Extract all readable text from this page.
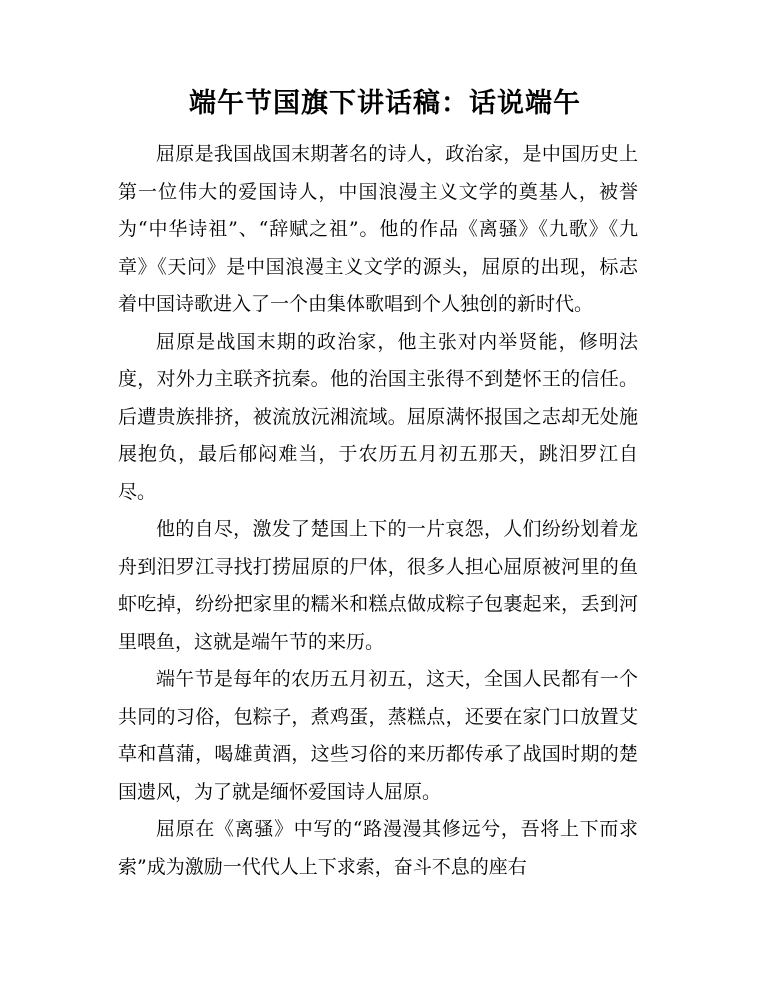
端午节国旗下讲话稿：话说端午

屈原是我国战国末期著名的诗人，政治家，是中国历史上第一位伟大的爱国诗人，中国浪漫主义文学的奠基人，被誉为“中华诗祖”、“辞赋之祖”。他的作品《离骚》《九歌》《九章》《天问》是中国浪漫主义文学的源头，屈原的出现，标志着中国诗歌进入了一个由集体歌唱到个人独创的新时代。

屈原是战国末期的政治家，他主张对内举贤能，修明法度，对外力主联齐抗秦。他的治国主张得不到楚怀王的信任。后遭贵族排挤，被流放沅湘流域。屈原满怀报国之志却无处施展抱负，最后郁闷难当，于农历五月初五那天，跳汨罗江自尽。

他的自尽，激发了楚国上下的一片哀怨，人们纷纷划着龙舟到汨罗江寻找打捞屈原的尸体，很多人担心屈原被河里的鱼虾吃掉，纷纷把家里的糯米和糕点做成粽子包裹起来，丢到河里喂鱼，这就是端午节的来历。

端午节是每年的农历五月初五，这天，全国人民都有一个共同的习俗，包粽子，煮鸡蛋，蒸糕点，还要在家门口放置艾草和菖蒲，喝雄黄酒，这些习俗的来历都传承了战国时期的楚国遗风，为了就是缅怀爱国诗人屈原。

屈原在《离骚》中写的“路漫漫其修远兮，吾将上下而求索”成为激励一代代人上下求索，奋斗不息的座右
